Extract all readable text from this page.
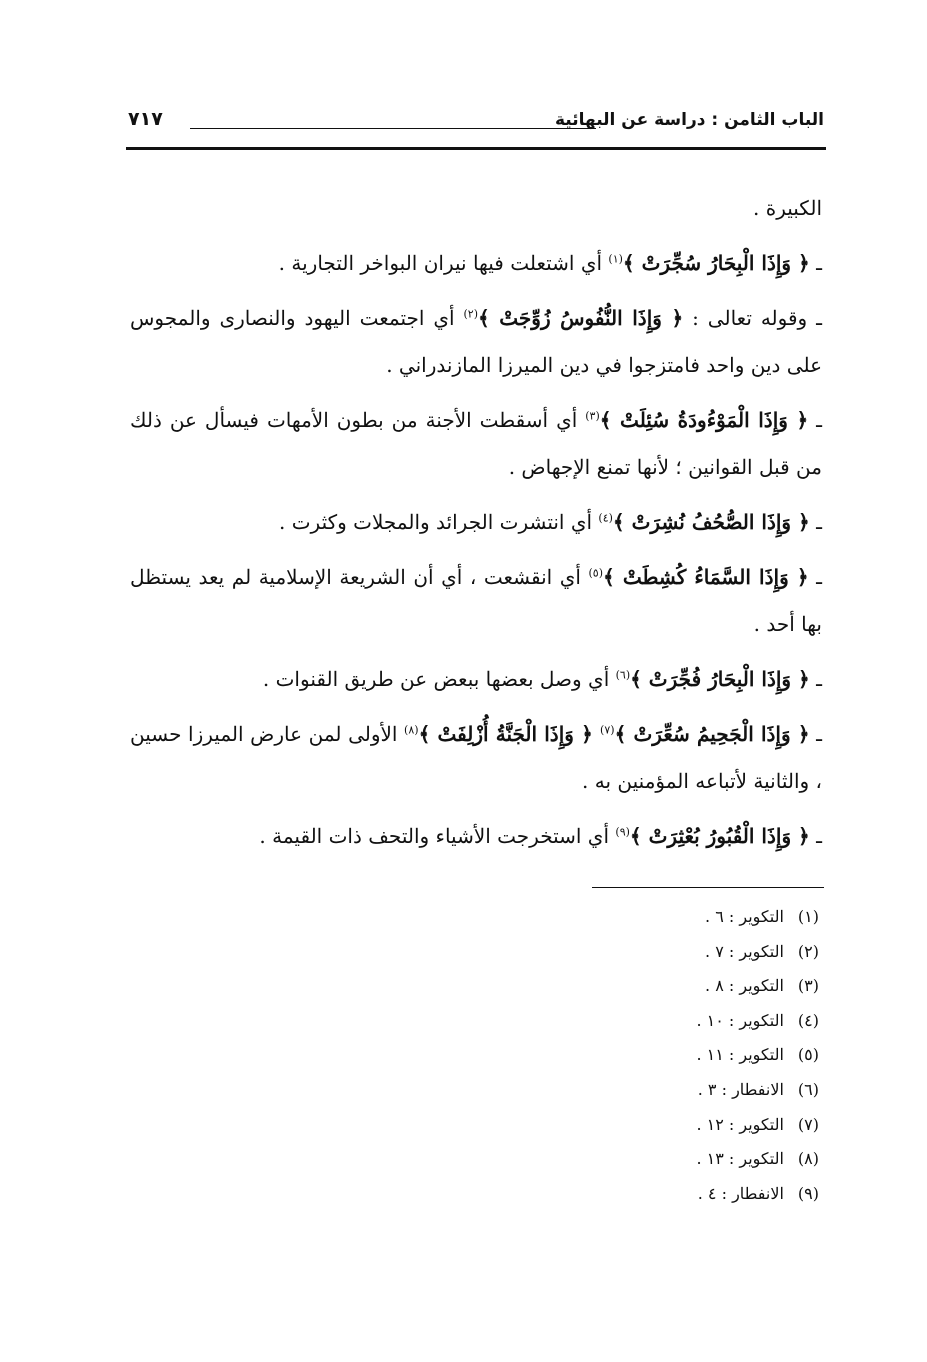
الباب الثامن : دراسة عن البهائية
٧١٧

الكبيرة .

ـ ﴿ وَإِذَا الْبِحَارُ سُجِّرَتْ ﴾$^{(١)}$ أي اشتعلت فيها نيران البواخر التجارية .

ـ وقوله تعالى : ﴿ وَإِذَا النُّفُوسُ زُوِّجَتْ ﴾$^{(٢)}$ أي اجتمعت اليهود والنصارى والمجوس على دين واحد فامتزجوا في دين الميرزا المازندراني .

ـ ﴿ وَإِذَا الْمَوْءُودَةُ سُئِلَتْ ﴾$^{(٣)}$ أي أسقطت الأجنة من بطون الأمهات فيسأل عن ذلك من قبل القوانين ؛ لأنها تمنع الإجهاض .

ـ ﴿ وَإِذَا الصُّحُفُ نُشِرَتْ ﴾$^{(٤)}$ أي انتشرت الجرائد والمجلات وكثرت .

ـ ﴿ وَإِذَا السَّمَاءُ كُشِطَتْ ﴾$^{(٥)}$ أي انقشعت ، أي أن الشريعة الإسلامية لم يعد يستظل بها أحد .

ـ ﴿ وَإِذَا الْبِحَارُ فُجِّرَتْ ﴾$^{(٦)}$ أي وصل بعضها ببعض عن طريق القنوات .

ـ ﴿ وَإِذَا الْجَحِيمُ سُعِّرَتْ ﴾$^{(٧)}$ ﴿ وَإِذَا الْجَنَّةُ أُزْلِفَتْ ﴾$^{(٨)}$ الأولى لمن عارض الميرزا حسين ، والثانية لأتباعه المؤمنين به .

ـ ﴿ وَإِذَا الْقُبُورُ بُعْثِرَتْ ﴾$^{(٩)}$ أي استخرجت الأشياء والتحف ذات القيمة .

(١) التكوير : ٦ .
(٢) التكوير : ٧ .
(٣) التكوير : ٨ .
(٤) التكوير : ١٠ .
(٥) التكوير : ١١ .
(٦) الانفطار : ٣ .
(٧) التكوير : ١٢ .
(٨) التكوير : ١٣ .
(٩) الانفطار : ٤ .
